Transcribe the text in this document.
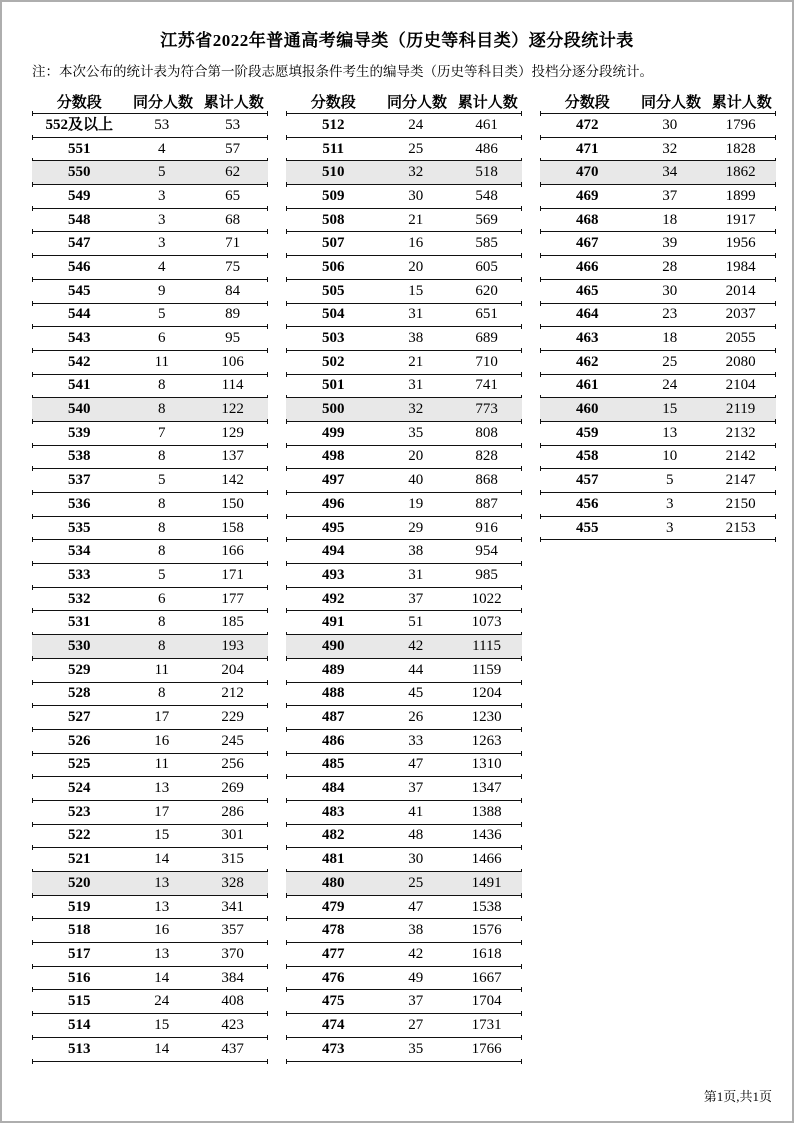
江苏省2022年普通高考编导类（历史等科目类）逐分段统计表
注：本次公布的统计表为符合第一阶段志愿填报条件考生的编导类（历史等科目类）投档分逐分段统计。
分数段	同分人数 累计人数
552及以上	53	53
551	4	57
550	5	62
549	3	65
548	3	68
547	3	71
546	4	75
545	9	84
544	5	89
543	6	95
542	11	106
541	8	114
540	8	122
539	7	129
538	8	137
537	5	142
536	8	150
535	8	158
534	8	166
533	5	171
532	6	177
531	8	185
530	8	193
529	11	204
528	8	212
527	17	229
526	16	245
525	11	256
524	13	269
523	17	286
522	15	301
521	14	315
520	13	328
519	13	341
518	16	357
517	13	370
516	14	384
515	24	408
514	15	423
513	14	437
分数段	同分人数 累计人数
512	24	461
511	25	486
510	32	518
509	30	548
508	21	569
507	16	585
506	20	605
505	15	620
504	31	651
503	38	689
502	21	710
501	31	741
500	32	773
499	35	808
498	20	828
497	40	868
496	19	887
495	29	916
494	38	954
493	31	985
492	37	1022
491	51	1073
490	42	1115
489	44	1159
488	45	1204
487	26	1230
486	33	1263
485	47	1310
484	37	1347
483	41	1388
482	48	1436
481	30	1466
480	25	1491
479	47	1538
478	38	1576
477	42	1618
476	49	1667
475	37	1704
474	27	1731
473	35	1766
分数段	同分人数 累计人数
472	30	1796
471	32	1828
470	34	1862
469	37	1899
468	18	1917
467	39	1956
466	28	1984
465	30	2014
464	23	2037
463	18	2055
462	25	2080
461	24	2104
460	15	2119
459	13	2132
458	10	2142
457	5	2147
456	3	2150
455	3	2153
第1页,共1页
